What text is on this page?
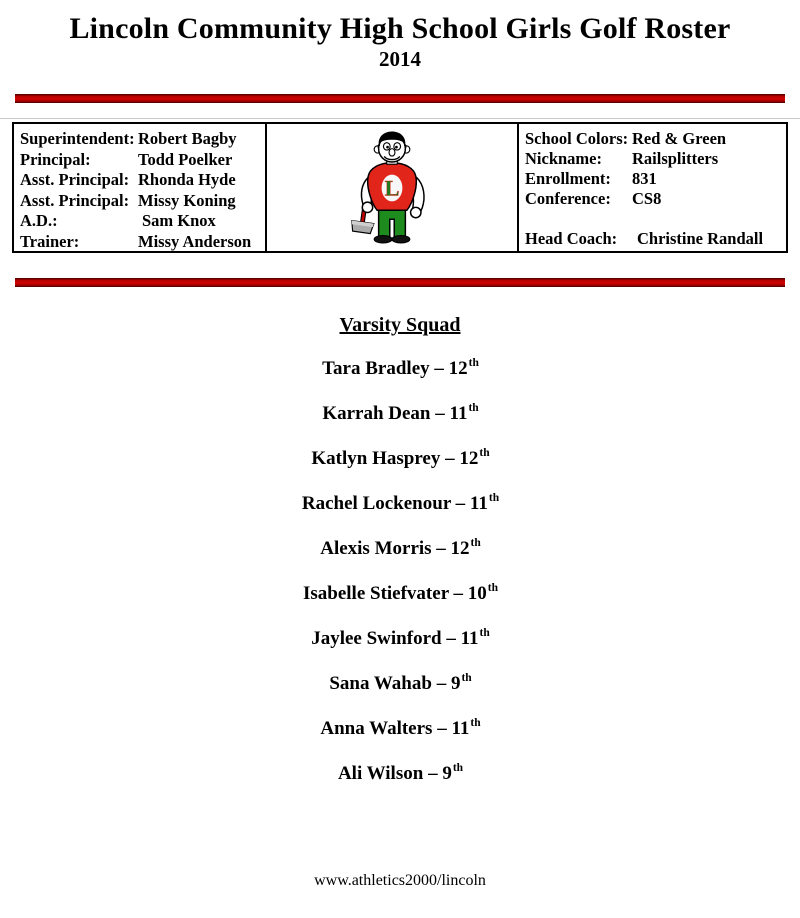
Lincoln Community High School Girls Golf Roster
2014
Superintendent: Robert Bagby
Principal:	Todd Poelker
Asst. Principal: Rhonda Hyde
Asst. Principal: Missy Koning
A.D.:	Sam Knox
Trainer:	Missy Anderson
L
School Colors: Red & Green
Nickname:	Railsplitters
Enrollment:	831
Conference:	CS8
Head Coach:	Christine Randall
Varsity Squad
Tara Bradley – 12th
Karrah Dean – 11th
Katlyn Hasprey – 12th
Rachel Lockenour – 11th
Alexis Morris – 12th
Isabelle Stiefvater – 10th
Jaylee Swinford – 11th
Sana Wahab – 9th
Anna Walters – 11th
Ali Wilson – 9th
www.athletics2000/lincoln
